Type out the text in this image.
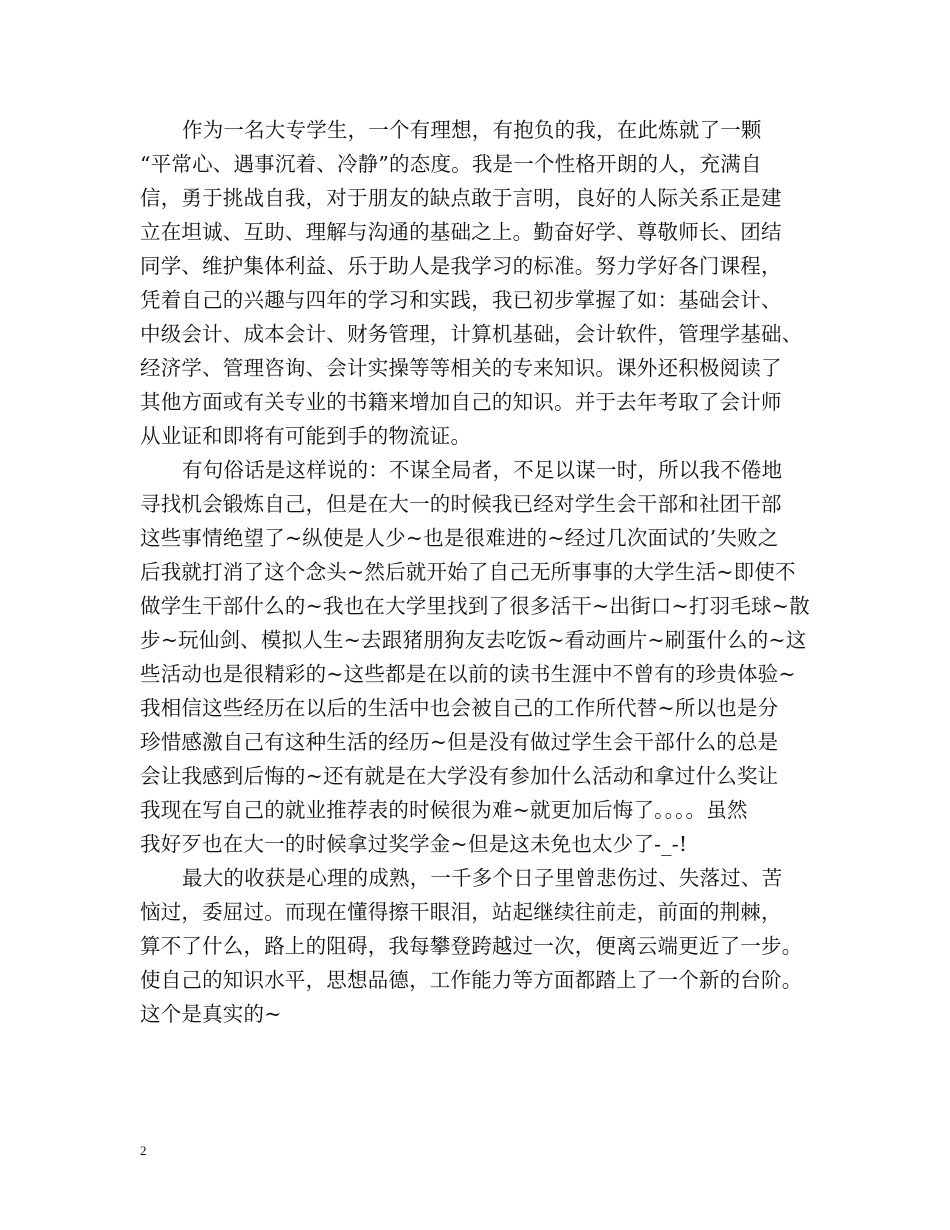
作为一名大专学生，一个有理想，有抱负的我，在此炼就了一颗
“平常心、遇事沉着、冷静”的态度。我是一个性格开朗的人，充满自
信，勇于挑战自我，对于朋友的缺点敢于言明，良好的人际关系正是建
立在坦诚、互助、理解与沟通的基础之上。勤奋好学、尊敬师长、团结
同学、维护集体利益、乐于助人是我学习的标准。努力学好各门课程，
凭着自己的兴趣与四年的学习和实践，我已初步掌握了如：基础会计、
中级会计、成本会计、财务管理，计算机基础，会计软件，管理学基础、
经济学、管理咨询、会计实操等等相关的专来知识。课外还积极阅读了
其他方面或有关专业的书籍来增加自己的知识。并于去年考取了会计师
从业证和即将有可能到手的物流证。
有句俗话是这样说的：不谋全局者，不足以谋一时，所以我不倦地
寻找机会锻炼自己，但是在大一的时候我已经对学生会干部和社团干部
这些事情绝望了~纵使是人少~也是很难进的~经过几次面试的’失败之
后我就打消了这个念头~然后就开始了自己无所事事的大学生活~即使不
做学生干部什么的~我也在大学里找到了很多活干~出街口~打羽毛球~散
步~玩仙剑、模拟人生~去跟猪朋狗友去吃饭~看动画片~刷蛋什么的~这
些活动也是很精彩的~这些都是在以前的读书生涯中不曾有的珍贵体验~
我相信这些经历在以后的生活中也会被自己的工作所代替~所以也是分
珍惜感激自己有这种生活的经历~但是没有做过学生会干部什么的总是
会让我感到后悔的~还有就是在大学没有参加什么活动和拿过什么奖让
我现在写自己的就业推荐表的时候很为难~就更加后悔了。。。。虽然
我好歹也在大一的时候拿过奖学金~但是这未免也太少了-_-!
最大的收获是心理的成熟，一千多个日子里曾悲伤过、失落过、苦
恼过，委屈过。而现在懂得擦干眼泪，站起继续往前走，前面的荆棘，
算不了什么，路上的阻碍，我每攀登跨越过一次，便离云端更近了一步。
使自己的知识水平，思想品德，工作能力等方面都踏上了一个新的台阶。
这个是真实的~
2
